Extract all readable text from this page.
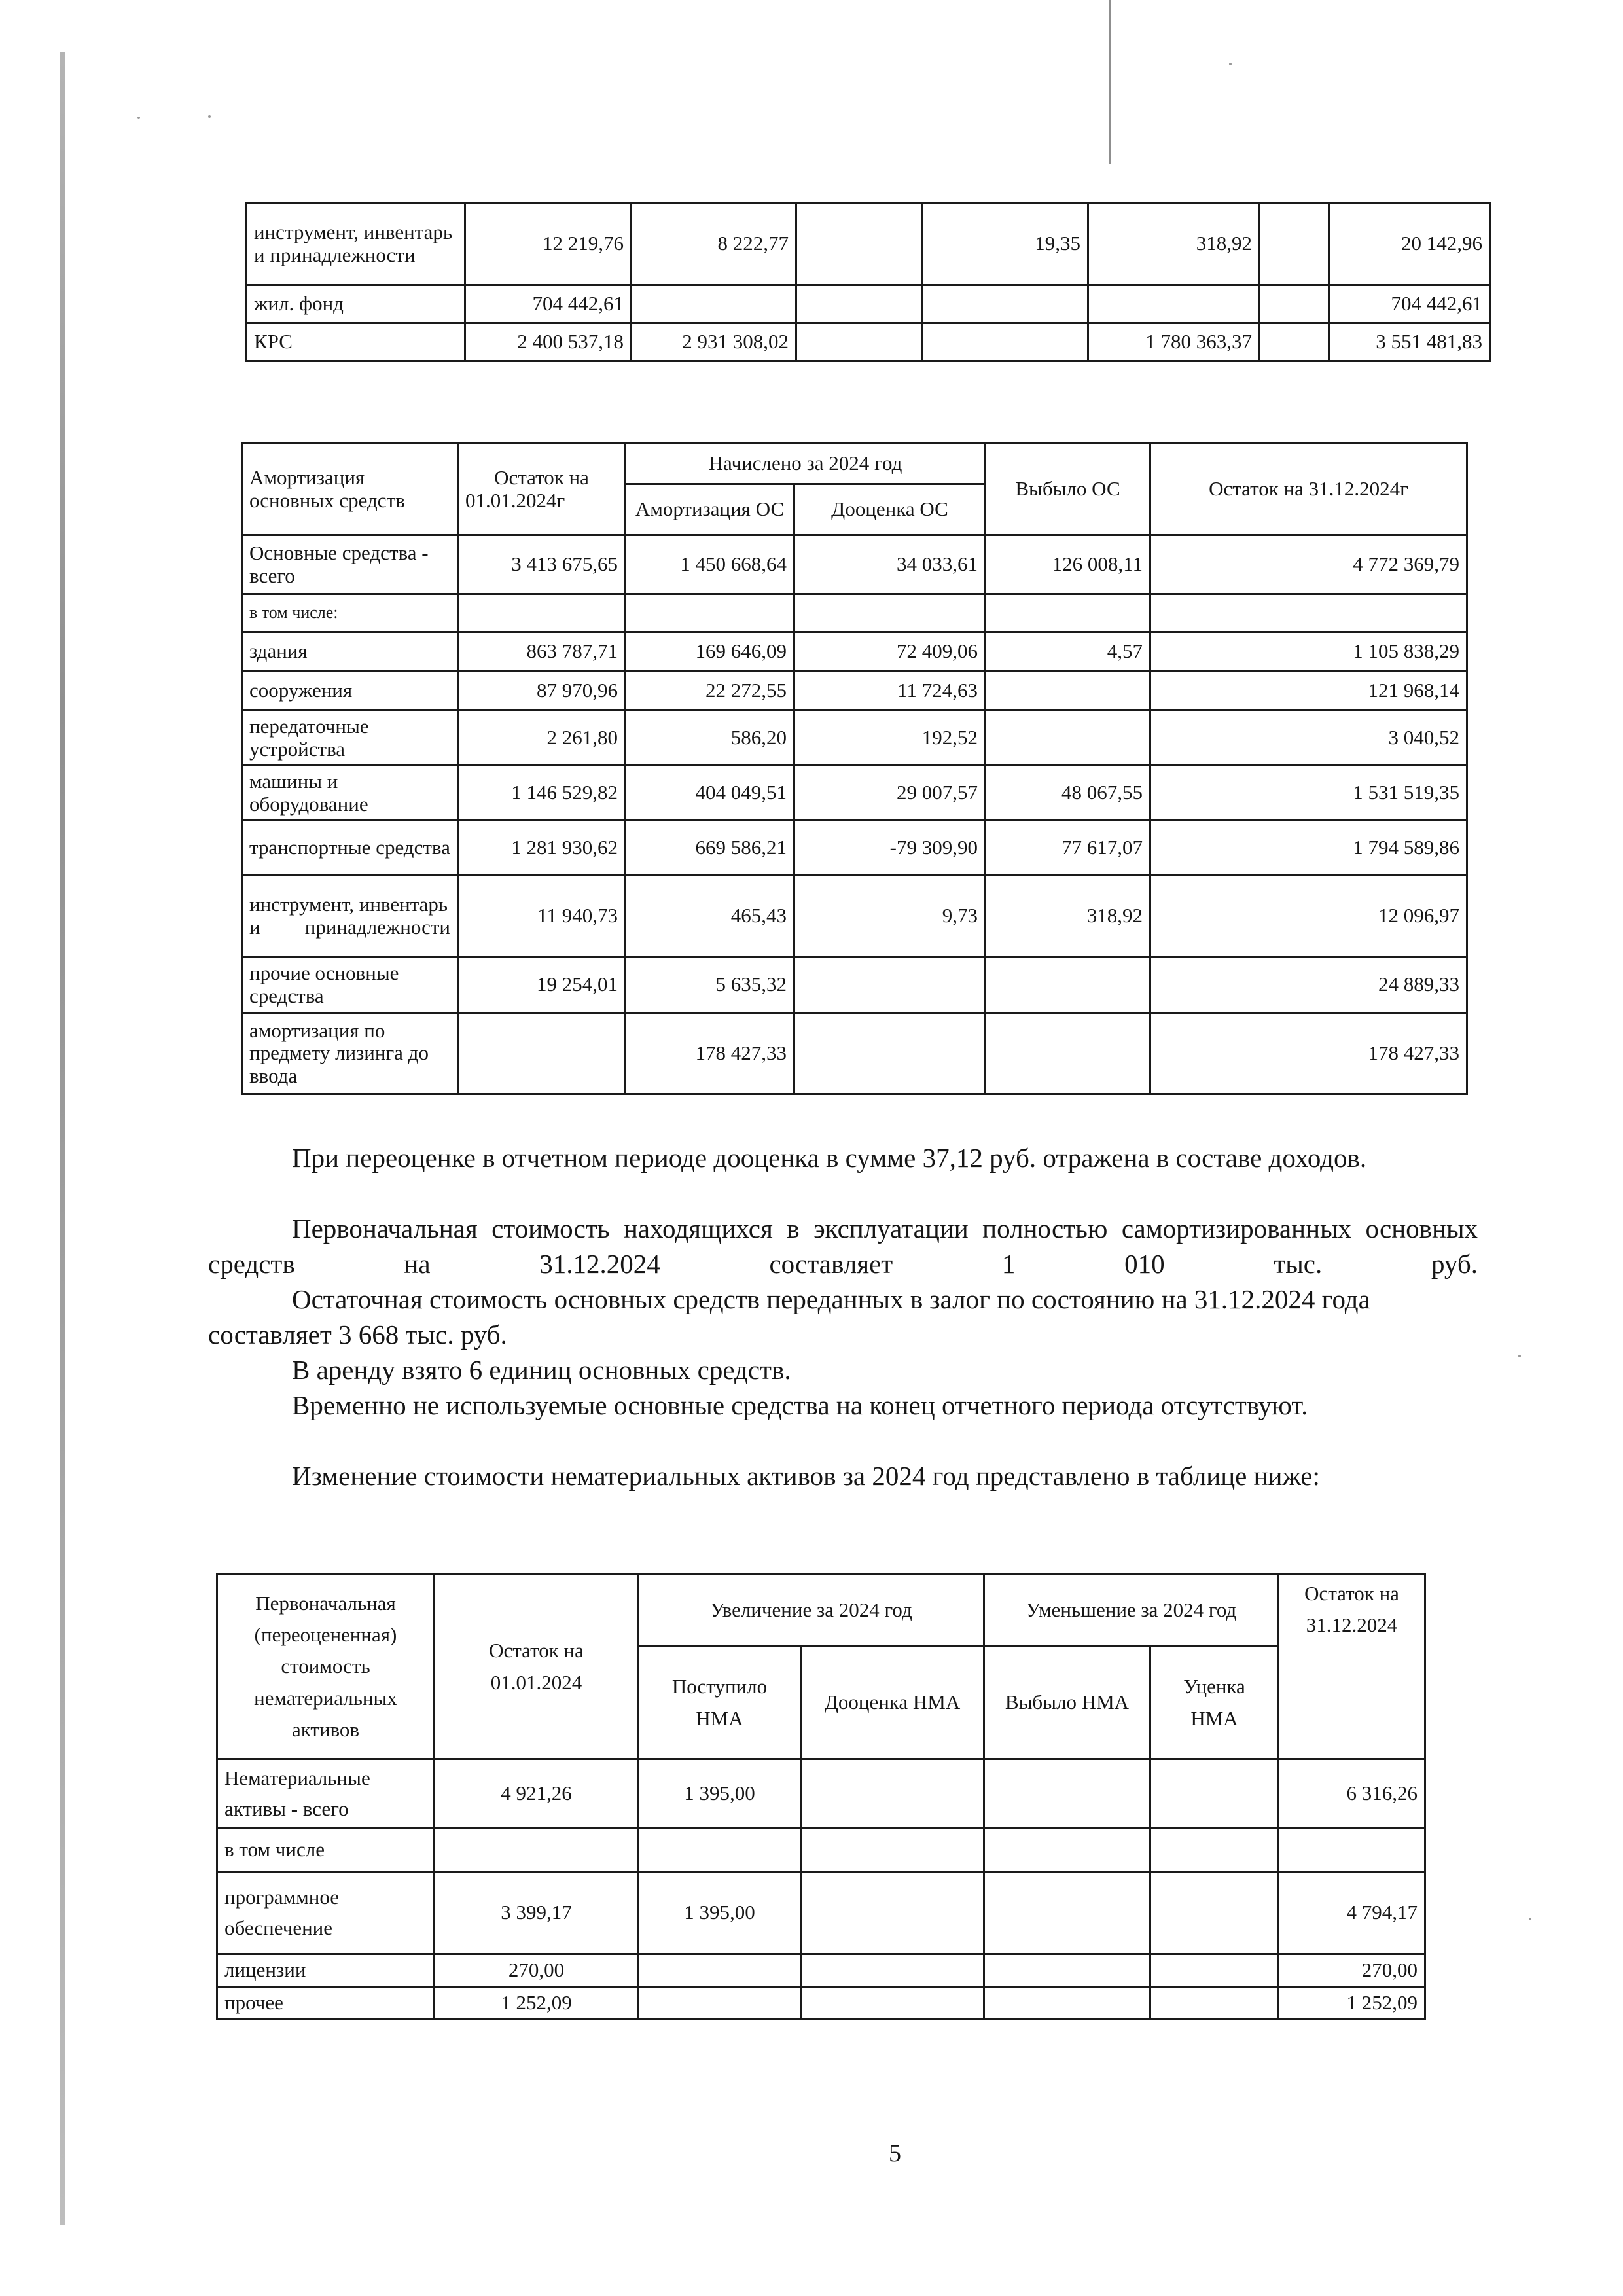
инструмент, инвентарь и принадлежности	12 219,76	8 222,77		19,35	318,92		20 142,96
жил. фонд	704 442,61						704 442,61
КРС	2 400 537,18	2 931 308,02			1 780 363,37		3 551 481,83
Амортизация основных средств	Остаток на 01.01.2024г	Начислено за 2024 год		Выбыло ОС	Остаток на 31.12.2024г
		Амортизация ОС	Дооценка ОС		
Основные средства - всего	3 413 675,65	1 450 668,64	34 033,61	126 008,11	4 772 369,79
в том числе:					
здания	863 787,71	169 646,09	72 409,06	4,57	1 105 838,29
сооружения	87 970,96	22 272,55	11 724,63		121 968,14
передаточные устройства	2 261,80	586,20	192,52		3 040,52
машины и оборудование	1 146 529,82	404 049,51	29 007,57	48 067,55	1 531 519,35
транспортные средства	1 281 930,62	669 586,21	-79 309,90	77 617,07	1 794 589,86
инструмент, инвентарь и принадлежности	11 940,73	465,43	9,73	318,92	12 096,97
прочие основные средства	19 254,01	5 635,32			24 889,33
амортизация по предмету лизинга до ввода		178 427,33			178 427,33

При переоценке в отчетном периоде дооценка в сумме 37,12 руб. отражена в составе доходов.

Первоначальная стоимость находящихся в эксплуатации полностью самортизированных основных средств на 31.12.2024 составляет 1 010 тыс. руб.

Остаточная стоимость основных средств переданных в залог по состоянию на 31.12.2024 года составляет 3 668 тыс. руб.

В аренду взято 6 единиц основных средств.

Временно не используемые основные средства на конец отчетного периода отсутствуют.

Изменение стоимости нематериальных активов за 2024 год представлено в таблице ниже:

Первоначальная (переоцененная) стоимость нематериальных активов	Остаток на 01.01.2024	Увеличение за 2024 год		Уменьшение за 2024 год		Остаток на 31.12.2024
		Поступило НМА	Дооценка НМА	Выбыло НМА	Уценка НМА	
Нематериальные активы - всего	4 921,26	1 395,00				6 316,26
в том числе						
программное обеспечение	3 399,17	1 395,00				4 794,17
лицензии	270,00					270,00
прочее	1 252,09					1 252,09
5
